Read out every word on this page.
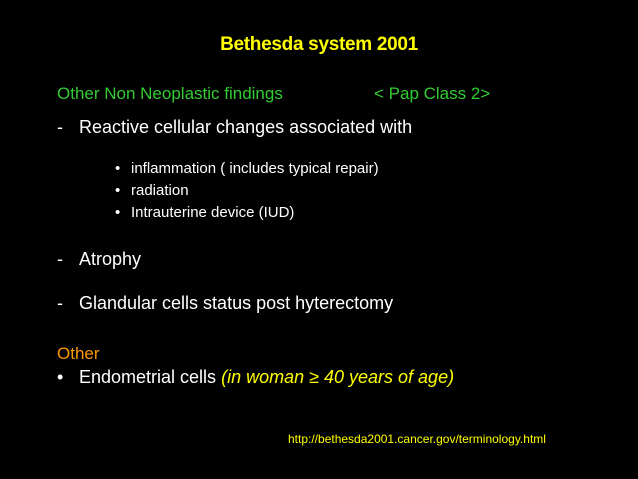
Bethesda system 2001
Other Non Neoplastic findings	< Pap Class 2>
- Reactive cellular changes associated with
• inflammation ( includes typical repair)
• radiation
• Intrauterine device (IUD)
- Atrophy
- Glandular cells status post hyterectomy
Other
• Endometrial cells (in woman ≥ 40 years of age)
http://bethesda2001.cancer.gov/terminology.html
